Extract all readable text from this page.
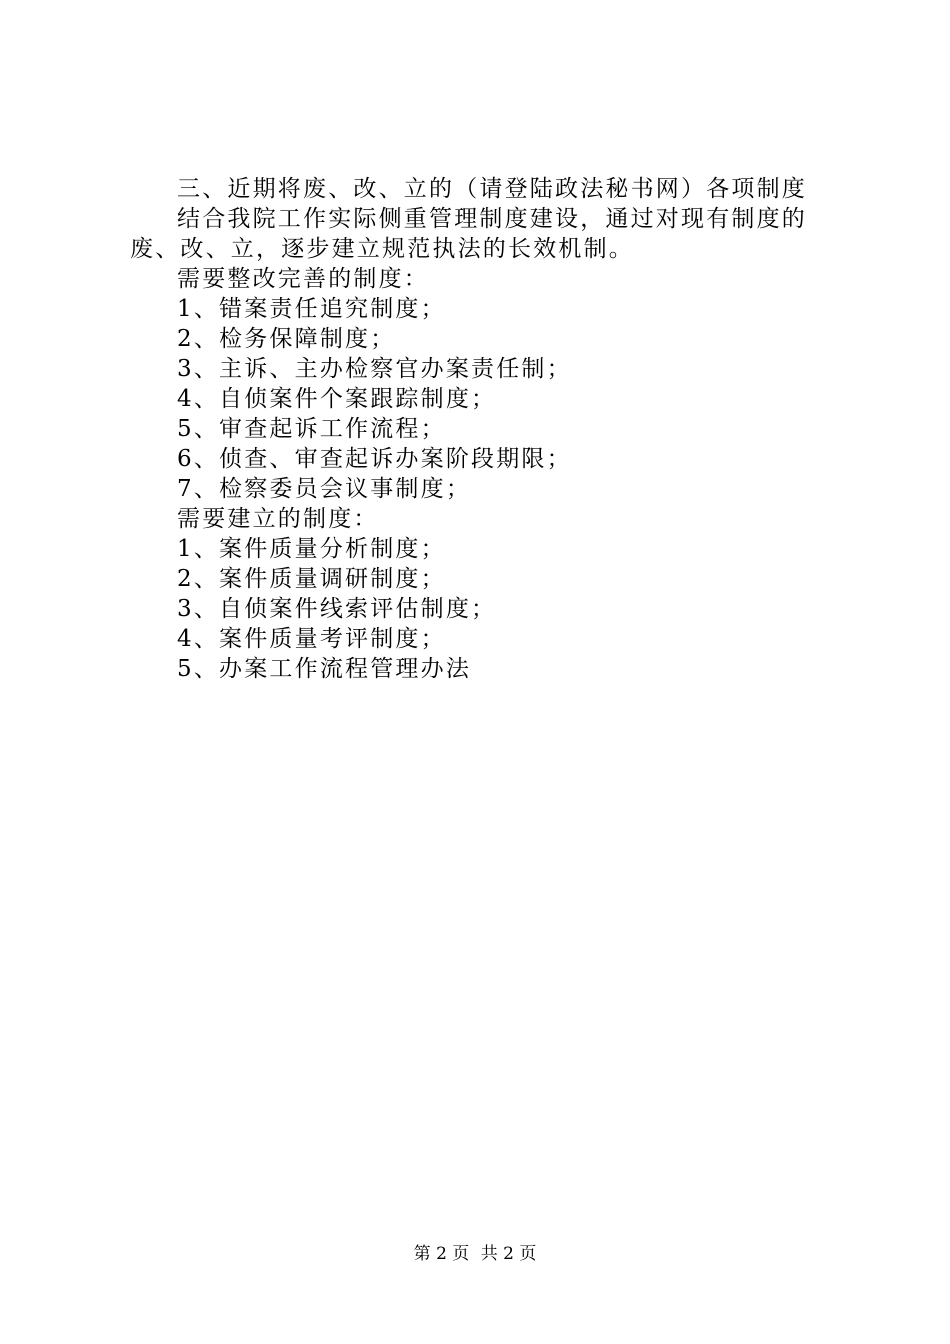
三、近期将废、改、立的（请登陆政法秘书网）各项制度
结合我院工作实际侧重管理制度建设，通过对现有制度的废、改、立，逐步建立规范执法的长效机制。
需要整改完善的制度：
1、错案责任追究制度；
2、检务保障制度；
3、主诉、主办检察官办案责任制；
4、自侦案件个案跟踪制度；
5、审查起诉工作流程；
6、侦查、审查起诉办案阶段期限；
7、检察委员会议事制度；
需要建立的制度：
1、案件质量分析制度；
2、案件质量调研制度；
3、自侦案件线索评估制度；
4、案件质量考评制度；
5、办案工作流程管理办法
第 2 页 共 2 页
